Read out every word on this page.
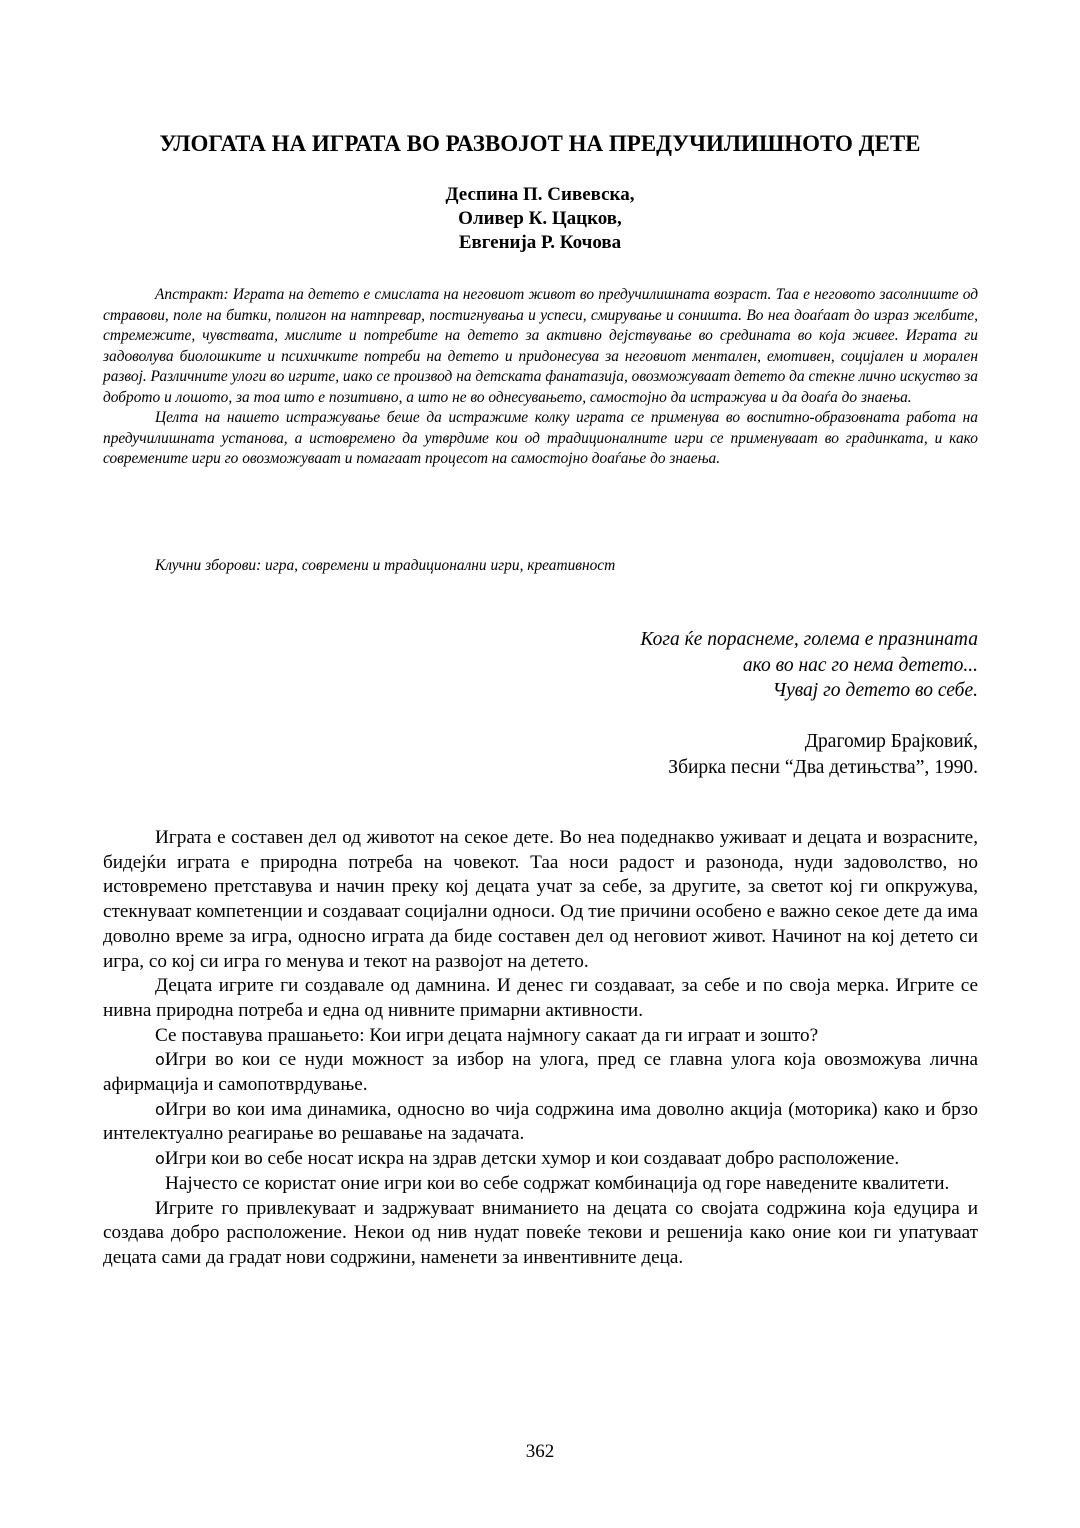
УЛОГАТА НА ИГРАТА ВО РАЗВОЈОТ НА ПРЕДУЧИЛИШНОТО ДЕТЕ
Деспина П. Сивевска,
Оливер К. Цацков,
Евгенија Р. Кочова

Апстракт: Играта на детето е смислата на неговиот живот во предучилишната возраст. Таа е неговото засолниште од стравови, поле на битки, полигон на натпревар, постигнувања и успеси, смирување и соништа. Во неа доаѓаат до израз желбите, стремежите, чувствата, мислите и потребите на детето за активно дејствување во средината во која живее. Играта ги задоволува биолошките и психичките потреби на детето и придонесува за неговиот ментален, емотивен, социјален и морален развој. Различните улоги во игрите, иако се производ на детската фанатазија, овозможуваат детето да стекне лично искуство за доброто и лошото, за тоа што е позитивно, а што не во однесувањето, самостојно да истражува и да доаѓа до знаења.

Целта на нашето истражување беше да истражиме колку играта се применува во воспитно-образовната работа на предучилишната установа, а истовремено да утврдиме кои од традиционалните игри се применуваат во градинката, и како современите игри го овозможуваат и помагаат процесот на самостојно доаѓање до знаења.

Клучни зборови: игра, современи и традиционални игри, креативност
Кога ќе пораснеме, голема е празнината
ако во нас го нема детето...
Чувај го детето во себе.
Драгомир Брајковиќ,
Збирка песни “Два детињства”, 1990.

Играта е составен дел од животот на секое дете. Во неа подеднакво уживаат и децата и возрасните, бидејќи играта е природна потреба на човекот. Таа носи радост и разонода, нуди задоволство, но истовремено претставува и начин преку кој децата учат за себе, за другите, за светот кој ги опкружува, стекнуваат компетенции и создаваат социјални односи. Од тие причини особено е важно секое дете да има доволно време за игра, односно играта да биде составен дел од неговиот живот. Начинот на кој детето си игра, со кој си игра го менува и текот на развојот на детето.

Децата игрите ги создавале од дамнина. И денес ги создаваат, за себе и по своја мерка. Игрите се нивна природна потреба и една од нивните примарни активности.

Се поставува прашањето: Кои игри децата најмногу сакаат да ги играат и зошто?

oИгри во кои се нуди можност за избор на улога, пред се главна улога која овозможува лична афирмација и самопотврдување.

oИгри во кои има динамика, односно во чија содржина има доволно акција (моторика) како и брзо интелектуално реагирање во решавање на задачата.

oИгри кои во себе носат искра на здрав детски хумор и кои создаваат добро расположение.

Најчесто се користат оние игри кои во себе содржат комбинација од горе наведените квалитети.

Игрите го привлекуваат и задржуваат вниманието на децата со својата содржина која едуцира и создава добро расположение. Некои од нив нудат повеќе текови и решенија како оние кои ги упатуваат децата сами да градат нови содржини, наменети за инвентивните деца.

362
